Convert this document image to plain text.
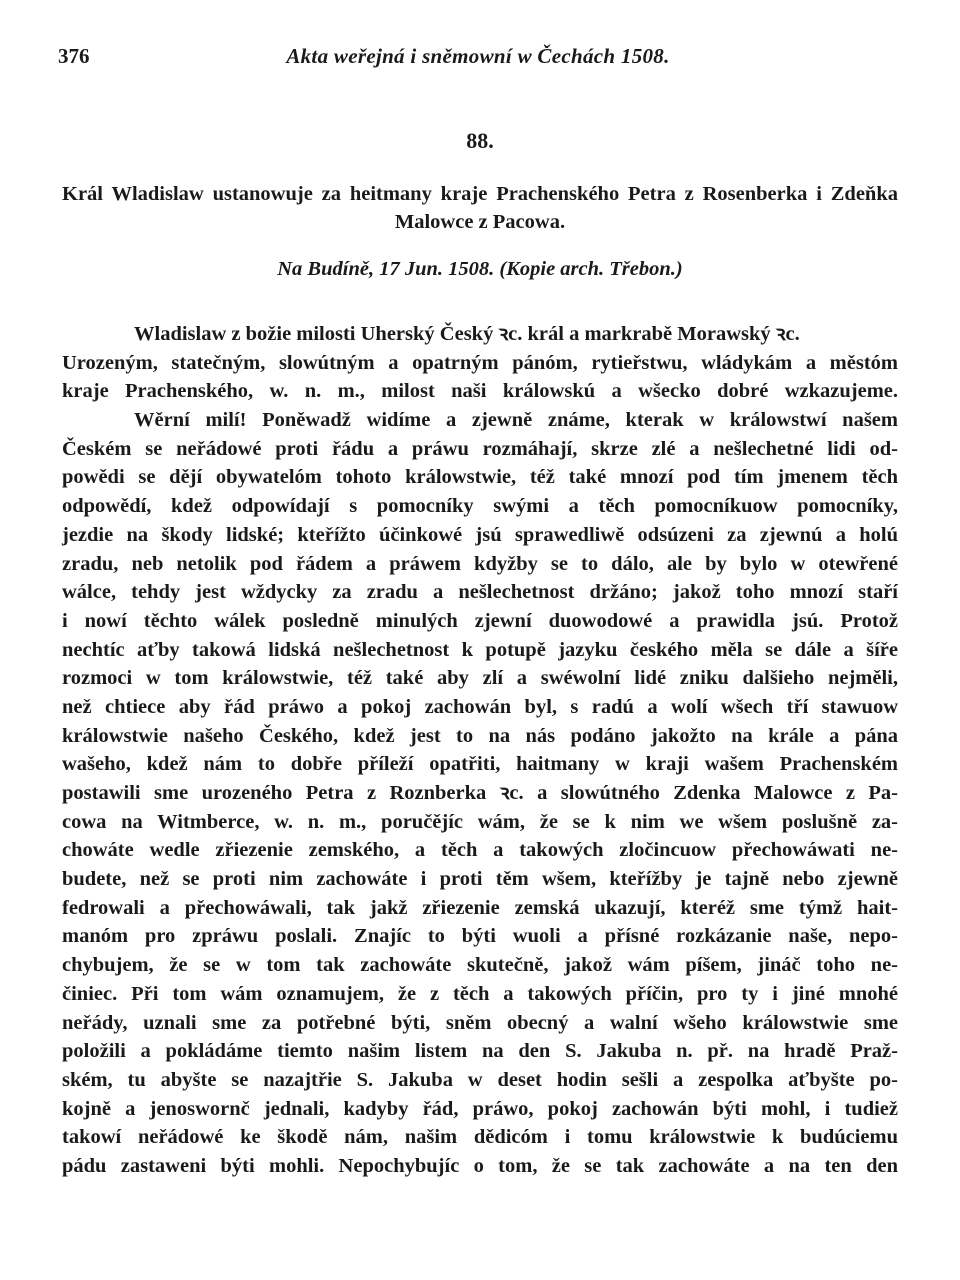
376	Akta weřejná i sněmowní w Čechách 1508.
88.
Král Wladislaw ustanowuje za heitmany kraje Prachenského Petra z Rosenberka i Zdeňka
Malowce z Pacowa.
Na Budíně, 17 Jun. 1508. (Kopie arch. Třebon.)
Wladislaw z božie milosti Uherský Český ꝛc. král a markrabě Morawský ꝛc.
Urozeným, statečným, slowútným a opatrným pánóm, rytieřstwu, wládykám a městóm
kraje Prachenského, w. n. m., milost naši králowskú a wšecko dobré wzkazujeme.
Wěrní milí! Poněwadž widíme a zjewně známe, kterak w králowstwí našem
Českém se neřádowé proti řádu a práwu rozmáhají, skrze zlé a nešlechetné lidi od-
powědi se dějí obywatelóm tohoto králowstwie, též také mnozí pod tím jmenem těch
odpowědí, kdež odpowídají s pomocníky swými a těch pomocníkuow pomocníky,
jezdie na škody lidské; kteřížto účinkowé jsú sprawedliwě odsúzeni za zjewnú a holú
zradu, neb netolik pod řádem a práwem kdyžby se to dálo, ale by bylo w otewřené
wálce, tehdy jest wždycky za zradu a nešlechetnost držáno; jakož toho mnozí staří
i nowí těchto wálek posledně minulých zjewní duowodowé a prawidla jsú. Protož
nechtíc aťby takowá lidská nešlechetnost k potupě jazyku českého měla se dále a šíře
rozmoci w tom králowstwie, též také aby zlí a swéwolní lidé zniku dalšieho nejměli,
než chtiece aby řád práwo a pokoj zachowán byl, s radú a wolí wšech tří stawuow
králowstwie našeho Českého, kdež jest to na nás podáno jakožto na krále a pána
wašeho, kdež nám to dobře příleží opatřiti, haitmany w kraji wašem Prachenském
postawili sme urozeného Petra z Roznberka ꝛc. a slowútného Zdenka Malowce z Pa-
cowa na Witmberce, w. n. m., poručějíc wám, že se k nim we wšem poslušně za-
chowáte wedle zřiezenie zemského, a těch a takowých zločincuow přechowáwati ne-
budete, než se proti nim zachowáte i proti těm wšem, kteřížby je tajně nebo zjewně
fedrowali a přechowáwali, tak jakž zřiezenie zemská ukazují, kteréž sme týmž hait-
manóm pro zpráwu poslali. Znajíc to býti wuoli a přísné rozkázanie naše, nepo-
chybujem, že se w tom tak zachowáte skutečně, jakož wám píšem, jináč toho ne-
činiec. Při tom wám oznamujem, že z těch a takowých příčin, pro ty i jiné mnohé
neřády, uznali sme za potřebné býti, sněm obecný a walní wšeho králowstwie sme
položili a pokládáme tiemto našim listem na den S. Jakuba n. př. na hradě Praž-
ském, tu abyšte se nazajtřie S. Jakuba w deset hodin sešli a zespolka aťbyšte po-
kojně a jenoswornč jednali, kadyby řád, práwo, pokoj zachowán býti mohl, i tudiež
takowí neřádowé ke škodě nám, našim dědicóm i tomu králowstwie k budúciemu
pádu zastaweni býti mohli. Nepochybujíc o tom, že se tak zachowáte a na ten den
